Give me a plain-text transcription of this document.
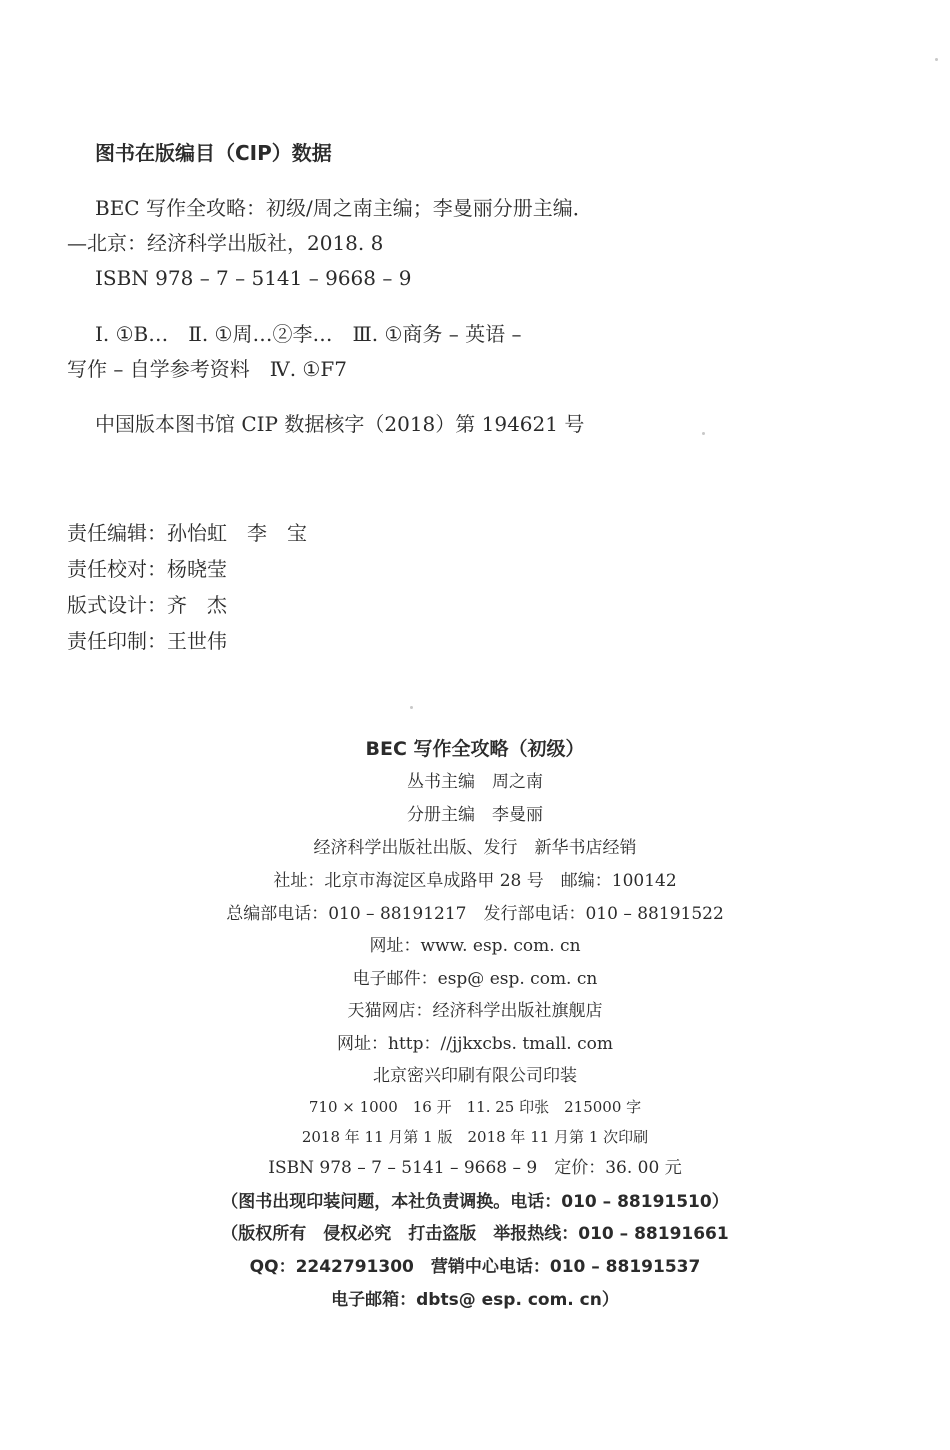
图书在版编目（CIP）数据
BEC 写作全攻略：初级/周之南主编；李曼丽分册主编．
—北京：经济科学出版社，2018. 8
ISBN 978 – 7 – 5141 – 9668 – 9
Ⅰ. ①B…　Ⅱ. ①周…②李…　Ⅲ. ①商务 – 英语 –
写作 – 自学参考资料　Ⅳ. ①F7
中国版本图书馆 CIP 数据核字（2018）第 194621 号
责任编辑：孙怡虹　李　宝
责任校对：杨晓莹
版式设计：齐　杰
责任印制：王世伟
BEC 写作全攻略（初级）
丛书主编　周之南
分册主编　李曼丽
经济科学出版社出版、发行　新华书店经销
社址：北京市海淀区阜成路甲 28 号　邮编：100142
总编部电话：010 – 88191217　发行部电话：010 – 88191522
网址：www. esp. com. cn
电子邮件：esp@ esp. com. cn
天猫网店：经济科学出版社旗舰店
网址：http：//jjkxcbs. tmall. com
北京密兴印刷有限公司印装
710 × 1000　16 开　11. 25 印张　215000 字
2018 年 11 月第 1 版　2018 年 11 月第 1 次印刷
ISBN 978 – 7 – 5141 – 9668 – 9　定价：36. 00 元
（图书出现印装问题，本社负责调换。电话：010 – 88191510）
（版权所有　侵权必究　打击盗版　举报热线：010 – 88191661
QQ：2242791300　营销中心电话：010 – 88191537
电子邮箱：dbts@ esp. com. cn）
